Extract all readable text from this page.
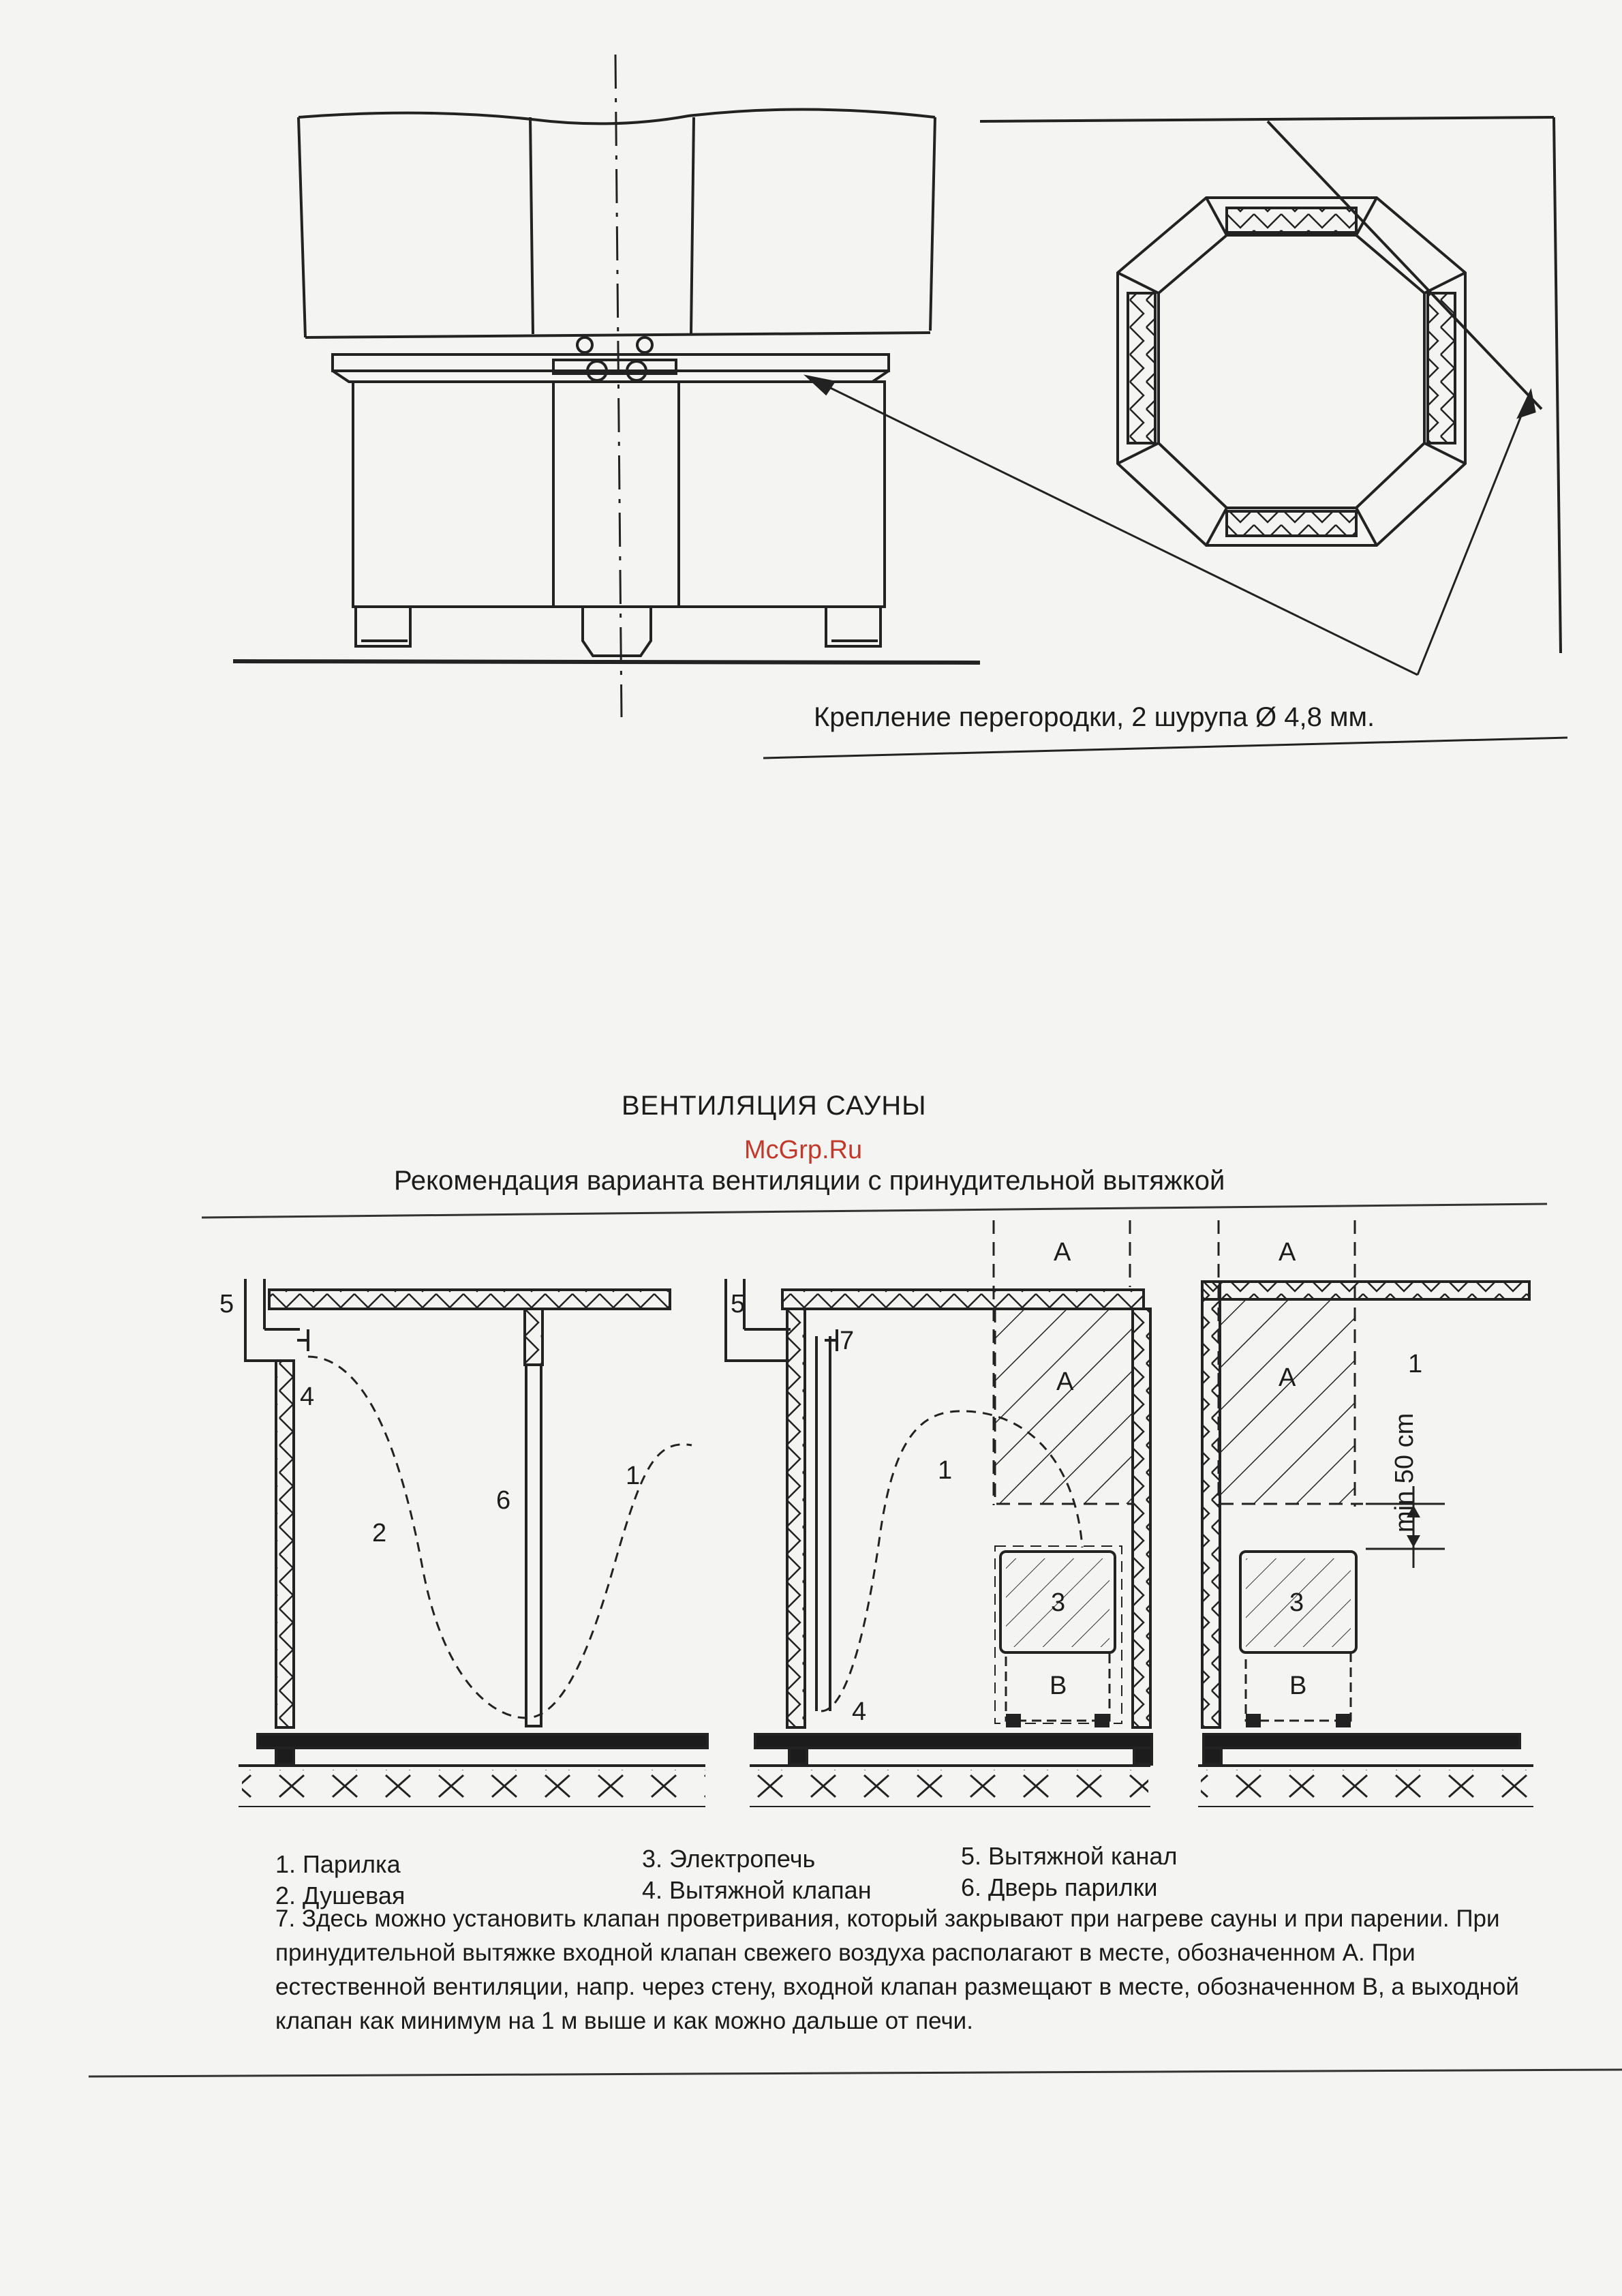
Крепление перегородки, 2 шурупа Ø 4,8 мм.
ВЕНТИЛЯЦИЯ САУНЫ
McGrp.Ru
Рекомендация варианта вентиляции с принудительной вытяжкой
5
4
2
6
1
5
7
A
A
1
3
B
4
A
A	1
min 50 cm
3
B
1. Парилка
2. Душевая
3. Электропечь
4. Вытяжной клапан
5. Вытяжной канал
6. Дверь парилки
7. Здесь можно установить клапан проветривания, который закрывают при нагреве сауны и при парении. При принудительной вытяжке входной клапан свежего воздуха располагают в месте, обозначенном А. При естественной вентиляции, напр. через стену, входной клапан размещают в месте, обозначенном В, а выходной клапан как минимум на 1 м выше и как можно дальше от печи.
